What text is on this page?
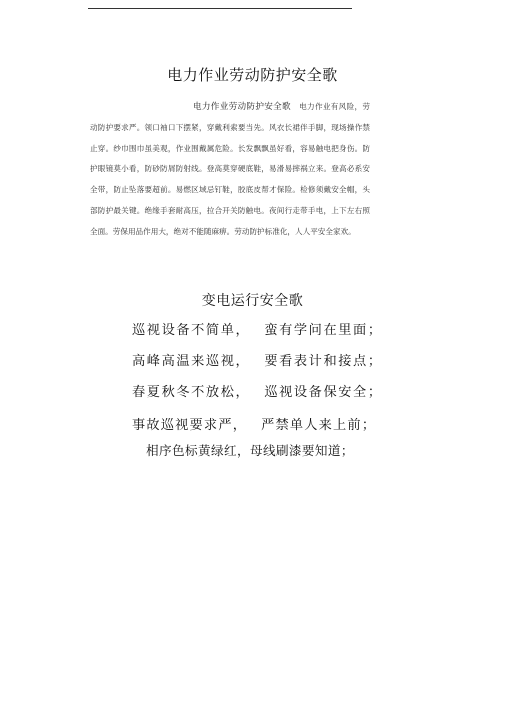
电力作业劳动防护安全歌
电力作业劳动防护安全歌 电力作业有风险，劳动防护要求严。领口袖口下摆紧，穿戴利索要当先。风衣长裙伴手脚，现场操作禁止穿。纱巾围巾虽美观，作业围戴属危险。长发飘飘虽好看，容易触电把身伤。防护眼镜莫小看，防砂防屑防射线。登高莫穿硬底鞋，易滑易摔祸立来。登高必系安全带，防止坠落要超前。易燃区域忌钉鞋，胶底皮帮才保险。检修须戴安全帽，头部防护最关键。绝缘手套耐高压，拉合开关防触电。夜间行走带手电，上下左右照全面。劳保用品作用大，绝对不能随麻痹。劳动防护标准化，人人平安全家欢。
变电运行安全歌
巡视设备不简单， 蛮有学问在里面；
高峰高温来巡视， 要看表计和接点；
春夏秋冬不放松， 巡视设备保安全；
事故巡视要求严， 严禁单人来上前；
相序色标黄绿红，母线刷漆要知道；
